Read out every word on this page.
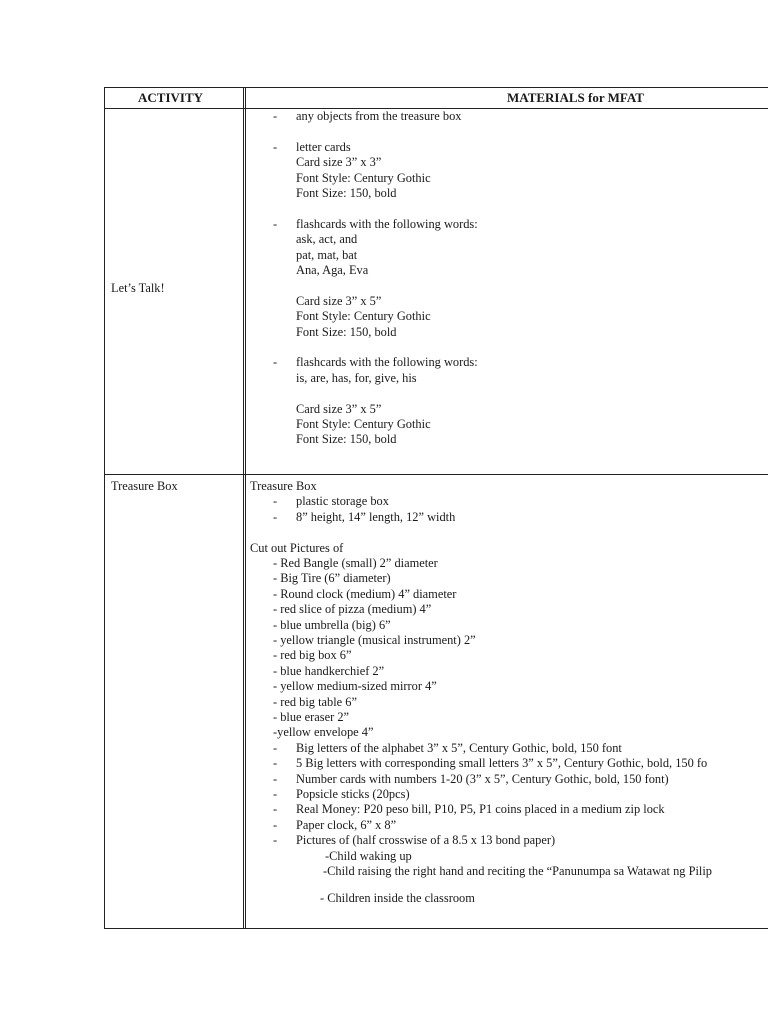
ACTIVITY	MATERIALS for MFAT
Let’s Talk!
- any objects from the treasure box
- letter cards
Card size 3” x 3”
Font Style: Century Gothic
Font Size: 150, bold
- flashcards with the following words:
ask, act, and
pat, mat, bat
Ana, Aga, Eva
Card size 3” x 5”
Font Style: Century Gothic
Font Size: 150, bold
- flashcards with the following words:
is, are, has, for, give, his
Card size 3” x 5”
Font Style: Century Gothic
Font Size: 150, bold
Treasure Box	Treasure Box
- plastic storage box
- 8” height, 14” length, 12” width
Cut out Pictures of
- Red Bangle (small) 2” diameter
- Big Tire (6” diameter)
- Round clock (medium) 4” diameter
- red slice of pizza (medium) 4”
- blue umbrella (big) 6”
- yellow triangle (musical instrument) 2”
- red big box 6”
- blue handkerchief 2”
- yellow medium-sized mirror 4”
- red big table 6”
- blue eraser 2”
-yellow envelope 4”
- Big letters of the alphabet 3” x 5”, Century Gothic, bold, 150 font
- 5 Big letters with corresponding small letters 3” x 5”, Century Gothic, bold, 150 fo
- Number cards with numbers 1-20 (3” x 5”, Century Gothic, bold, 150 font)
- Popsicle sticks (20pcs)
- Real Money: P20 peso bill, P10, P5, P1 coins placed in a medium zip lock
- Paper clock, 6” x 8”
- Pictures of (half crosswise of a 8.5 x 13 bond paper)
-Child waking up
-Child raising the right hand and reciting the “Panunumpa sa Watawat ng Pilip
- Children inside the classroom
